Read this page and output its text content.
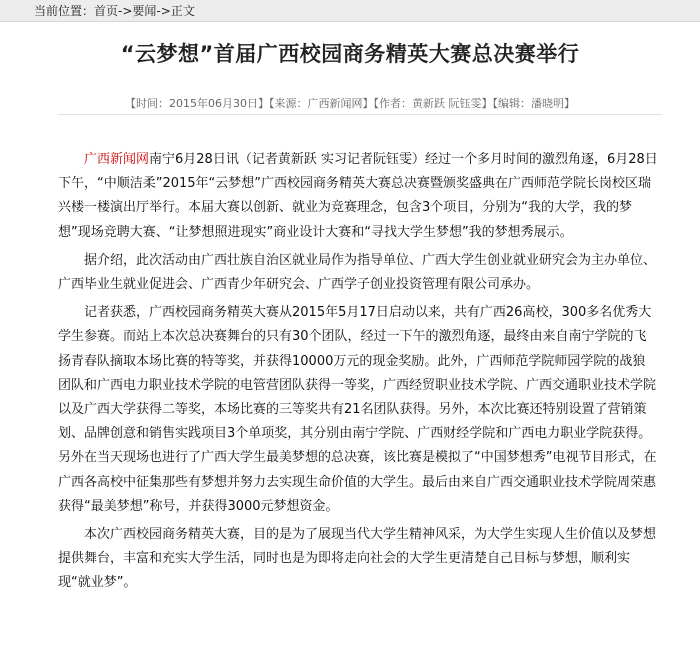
当前位置：首页->要闻->正文
“云梦想”首届广西校园商务精英大赛总决赛举行
【时间：2015年06月30日】【来源：广西新闻网】【作者：黄新跃 阮钰雯】【编辑：潘晓明】

广西新闻网南宁6月28日讯（记者黄新跃 实习记者阮钰雯）经过一个多月时间的激烈角逐，6月28日下午，“中顺洁柔”2015年“云梦想”广西校园商务精英大赛总决赛暨颁奖盛典在广西师范学院长岗校区瑞兴楼一楼演出厅举行。本届大赛以创新、就业为竞赛理念，包含3个项目，分别为“我的大学，我的梦想”现场竞聘大赛、“让梦想照进现实”商业设计大赛和“寻找大学生梦想”我的梦想秀展示。

据介绍，此次活动由广西壮族自治区就业局作为指导单位、广西大学生创业就业研究会为主办单位、广西毕业生就业促进会、广西青少年研究会、广西学子创业投资管理有限公司承办。

记者获悉，广西校园商务精英大赛从2015年5月17日启动以来，共有广西26高校，300多名优秀大学生参赛。而站上本次总决赛舞台的只有30个团队，经过一下午的激烈角逐，最终由来自南宁学院的飞扬青春队摘取本场比赛的特等奖，并获得10000万元的现金奖励。此外，广西师范学院师园学院的战狼团队和广西电力职业技术学院的电管营团队获得一等奖，广西经贸职业技术学院、广西交通职业技术学院以及广西大学获得二等奖，本场比赛的三等奖共有21名团队获得。另外，本次比赛还特别设置了营销策划、品牌创意和销售实践项目3个单项奖，其分别由南宁学院、广西财经学院和广西电力职业学院获得。另外在当天现场也进行了广西大学生最美梦想的总决赛，该比赛是模拟了“中国梦想秀”电视节目形式，在广西各高校中征集那些有梦想并努力去实现生命价值的大学生。最后由来自广西交通职业技术学院周荣惠获得“最美梦想”称号，并获得3000元梦想资金。

本次广西校园商务精英大赛，目的是为了展现当代大学生精神风采，为大学生实现人生价值以及梦想提供舞台，丰富和充实大学生活，同时也是为即将走向社会的大学生更清楚自己目标与梦想，顺利实现“就业梦”。
